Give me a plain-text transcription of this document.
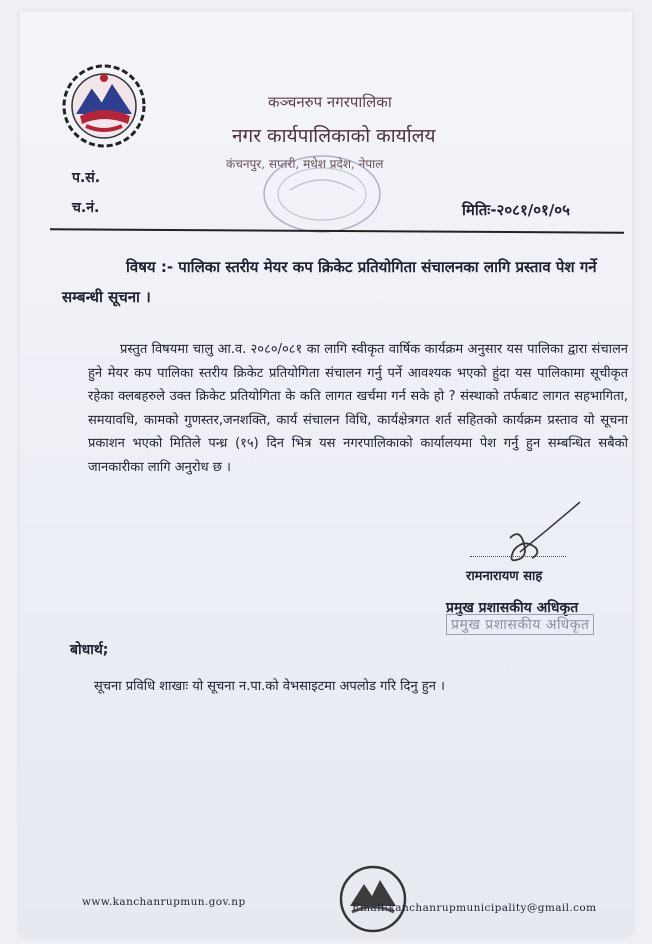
कञ्चनरुप नगरपालिका
नगर कार्यपालिकाको कार्यालय
कंचनपुर, सप्तरी, मधेश प्रदेश, नेपाल
प.सं.
च.नं.	मितिः-२०८१/०१/०५
विषय :- पालिका स्तरीय मेयर कप क्रिकेट प्रतियोगिता संचालनका लागि प्रस्ताव पेश गर्ने सम्बन्धी सूचना ।
प्रस्तुत विषयमा चालु आ.व. २०८०/०८१ का लागि स्वीकृत वार्षिक कार्यक्रम अनुसार यस पालिका द्वारा संचालन हुने मेयर कप पालिका स्तरीय क्रिकेट प्रतियोगिता संचालन गर्नु पर्ने आवश्यक भएको हुंदा यस पालिकामा सूचीकृत रहेका क्लबहरुले उक्त क्रिकेट प्रतियोगिता के कति लागत खर्चमा गर्न सके हो ? संस्थाको तर्फबाट लागत सहभागिता, समयावधि, कामको गुणस्तर,जनशक्ति, कार्य संचालन विधि, कार्यक्षेत्रगत शर्त सहितको कार्यक्रम प्रस्ताव यो सूचना प्रकाशन भएको मितिले पन्ध्र (१५) दिन भित्र यस नगरपालिकाको कार्यालयमा पेश गर्नु हुन सम्बन्धित सबैको जानकारीका लागि अनुरोध छ ।
रामनारायण साह
प्रमुख प्रशासकीय अधिकृत
प्रमुख प्रशासकीय अधिकृत
बोधार्थ;
सूचना प्रविधि शाखाः यो सूचना न.पा.को वेभसाइटमा अपलोड गरि दिनु हुन ।
www.kanchanrupmun.gov.np	Email:kanchanrupmunicipality@gmail.com
